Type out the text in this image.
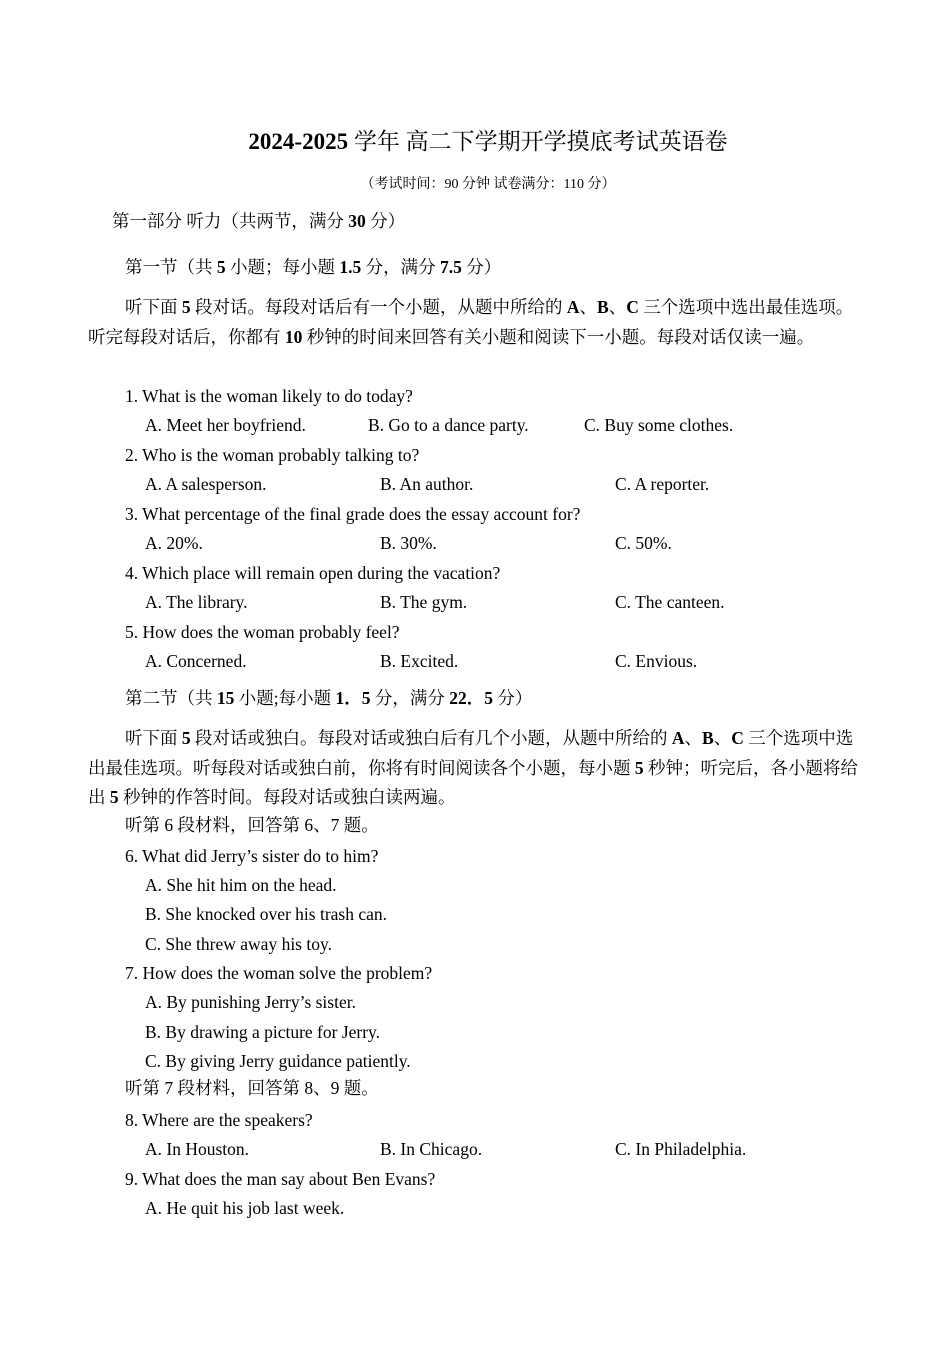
2024-2025 学年 高二下学期开学摸底考试英语卷
（考试时间：90 分钟 试卷满分：110 分）
第一部分 听力（共两节，满分 30 分）
第一节（共 5 小题；每小题 1.5 分，满分 7.5 分）
听下面 5 段对话。每段对话后有一个小题，从题中所给的 A、B、C 三个选项中选出最佳选项。听完每段对话后，你都有 10 秒钟的时间来回答有关小题和阅读下一小题。每段对话仅读一遍。
1. What is the woman likely to do today?
A. Meet her boyfriend.	B. Go to a dance party.	C. Buy some clothes.
2. Who is the woman probably talking to?
A. A salesperson.	B. An author.	C. A reporter.
3. What percentage of the final grade does the essay account for?
A. 20%.	B. 30%.	C. 50%.
4. Which place will remain open during the vacation?
A. The library.	B. The gym.	C. The canteen.
5. How does the woman probably feel?
A. Concerned.	B. Excited.	C. Envious.
第二节（共 15 小题;每小题 1．5 分，满分 22．5 分）
听下面 5 段对话或独白。每段对话或独白后有几个小题，从题中所给的 A、B、C 三个选项中选出最佳选项。听每段对话或独白前，你将有时间阅读各个小题，每小题 5 秒钟；听完后，各小题将给出 5 秒钟的作答时间。每段对话或独白读两遍。
听第 6 段材料，回答第 6、7 题。
6. What did Jerry’s sister do to him?
A. She hit him on the head.
B. She knocked over his trash can.
C. She threw away his toy.
7. How does the woman solve the problem?
A. By punishing Jerry’s sister.
B. By drawing a picture for Jerry.
C. By giving Jerry guidance patiently.
听第 7 段材料，回答第 8、9 题。
8. Where are the speakers?
A. In Houston.	B. In Chicago.	C. In Philadelphia.
9. What does the man say about Ben Evans?
A. He quit his job last week.
